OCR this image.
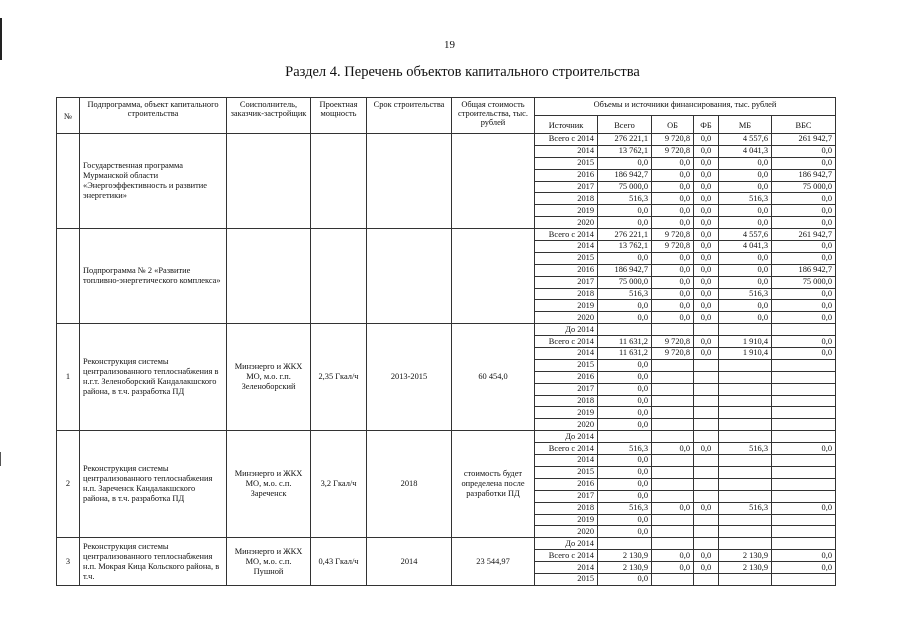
19
Раздел 4. Перечень объектов капитального строительства
№	Подпрограмма, объект капитального строительства	Соисполнитель, заказчик-застройщик	Проектная мощность	Срок строительства	Общая стоимость строительства, тыс. рублей	Объемы и источники финансирования, тыс. рублей					
						Источник	Всего	ОБ	ФБ	МБ	ВБС
	Государственная программа Мурманской области «Энергоэффективность и развитие энергетики»					Всего с 2014	276 221,1	9 720,8	0,0	4 557,6	261 942,7
						2014	13 762,1	9 720,8	0,0	4 041,3	0,0
						2015	0,0	0,0	0,0	0,0	0,0
						2016	186 942,7	0,0	0,0	0,0	186 942,7
						2017	75 000,0	0,0	0,0	0,0	75 000,0
						2018	516,3	0,0	0,0	516,3	0,0
						2019	0,0	0,0	0,0	0,0	0,0
						2020	0,0	0,0	0,0	0,0	0,0
	Подпрограмма № 2 «Развитие топливно-энергетического комплекса»					Всего с 2014	276 221,1	9 720,8	0,0	4 557,6	261 942,7
						2014	13 762,1	9 720,8	0,0	4 041,3	0,0
						2015	0,0	0,0	0,0	0,0	0,0
						2016	186 942,7	0,0	0,0	0,0	186 942,7
						2017	75 000,0	0,0	0,0	0,0	75 000,0
						2018	516,3	0,0	0,0	516,3	0,0
						2019	0,0	0,0	0,0	0,0	0,0
						2020	0,0	0,0	0,0	0,0	0,0
1	Реконструкция системы централизованного теплоснабжения в н.г.т. Зеленоборский Кандалакшского района, в т.ч. разработка ПД	Минэнерго и ЖКХ МО, м.о. г.п. Зеленоборский	2,35 Гкал/ч	2013-2015	60 454,0	До 2014					
						Всего с 2014	11 631,2	9 720,8	0,0	1 910,4	0,0
						2014	11 631,2	9 720,8	0,0	1 910,4	0,0
						2015	0,0				
						2016	0,0				
						2017	0,0				
						2018	0,0				
						2019	0,0				
						2020	0,0				
2	Реконструкция системы централизованного теплоснабжения н.п. Зареченск Кандалакшского района, в т.ч. разработка ПД	Минэнерго и ЖКХ МО, м.о. с.п. Зареченск	3,2 Гкал/ч	2018	стоимость будет определена после разработки ПД	До 2014					
						Всего с 2014	516,3	0,0	0,0	516,3	0,0
						2014	0,0				
						2015	0,0				
						2016	0,0				
						2017	0,0				
						2018	516,3	0,0	0,0	516,3	0,0
						2019	0,0				
						2020	0,0				
3	Реконструкция системы централизованного теплоснабжения н.п. Мокрая Кица Кольского района, в т.ч.	Минэнерго и ЖКХ МО, м.о. с.п. Пушной	0,43 Гкал/ч	2014	23 544,97	До 2014					
						Всего с 2014	2 130,9	0,0	0,0	2 130,9	0,0
						2014	2 130,9	0,0	0,0	2 130,9	0,0
						2015	0,0				
